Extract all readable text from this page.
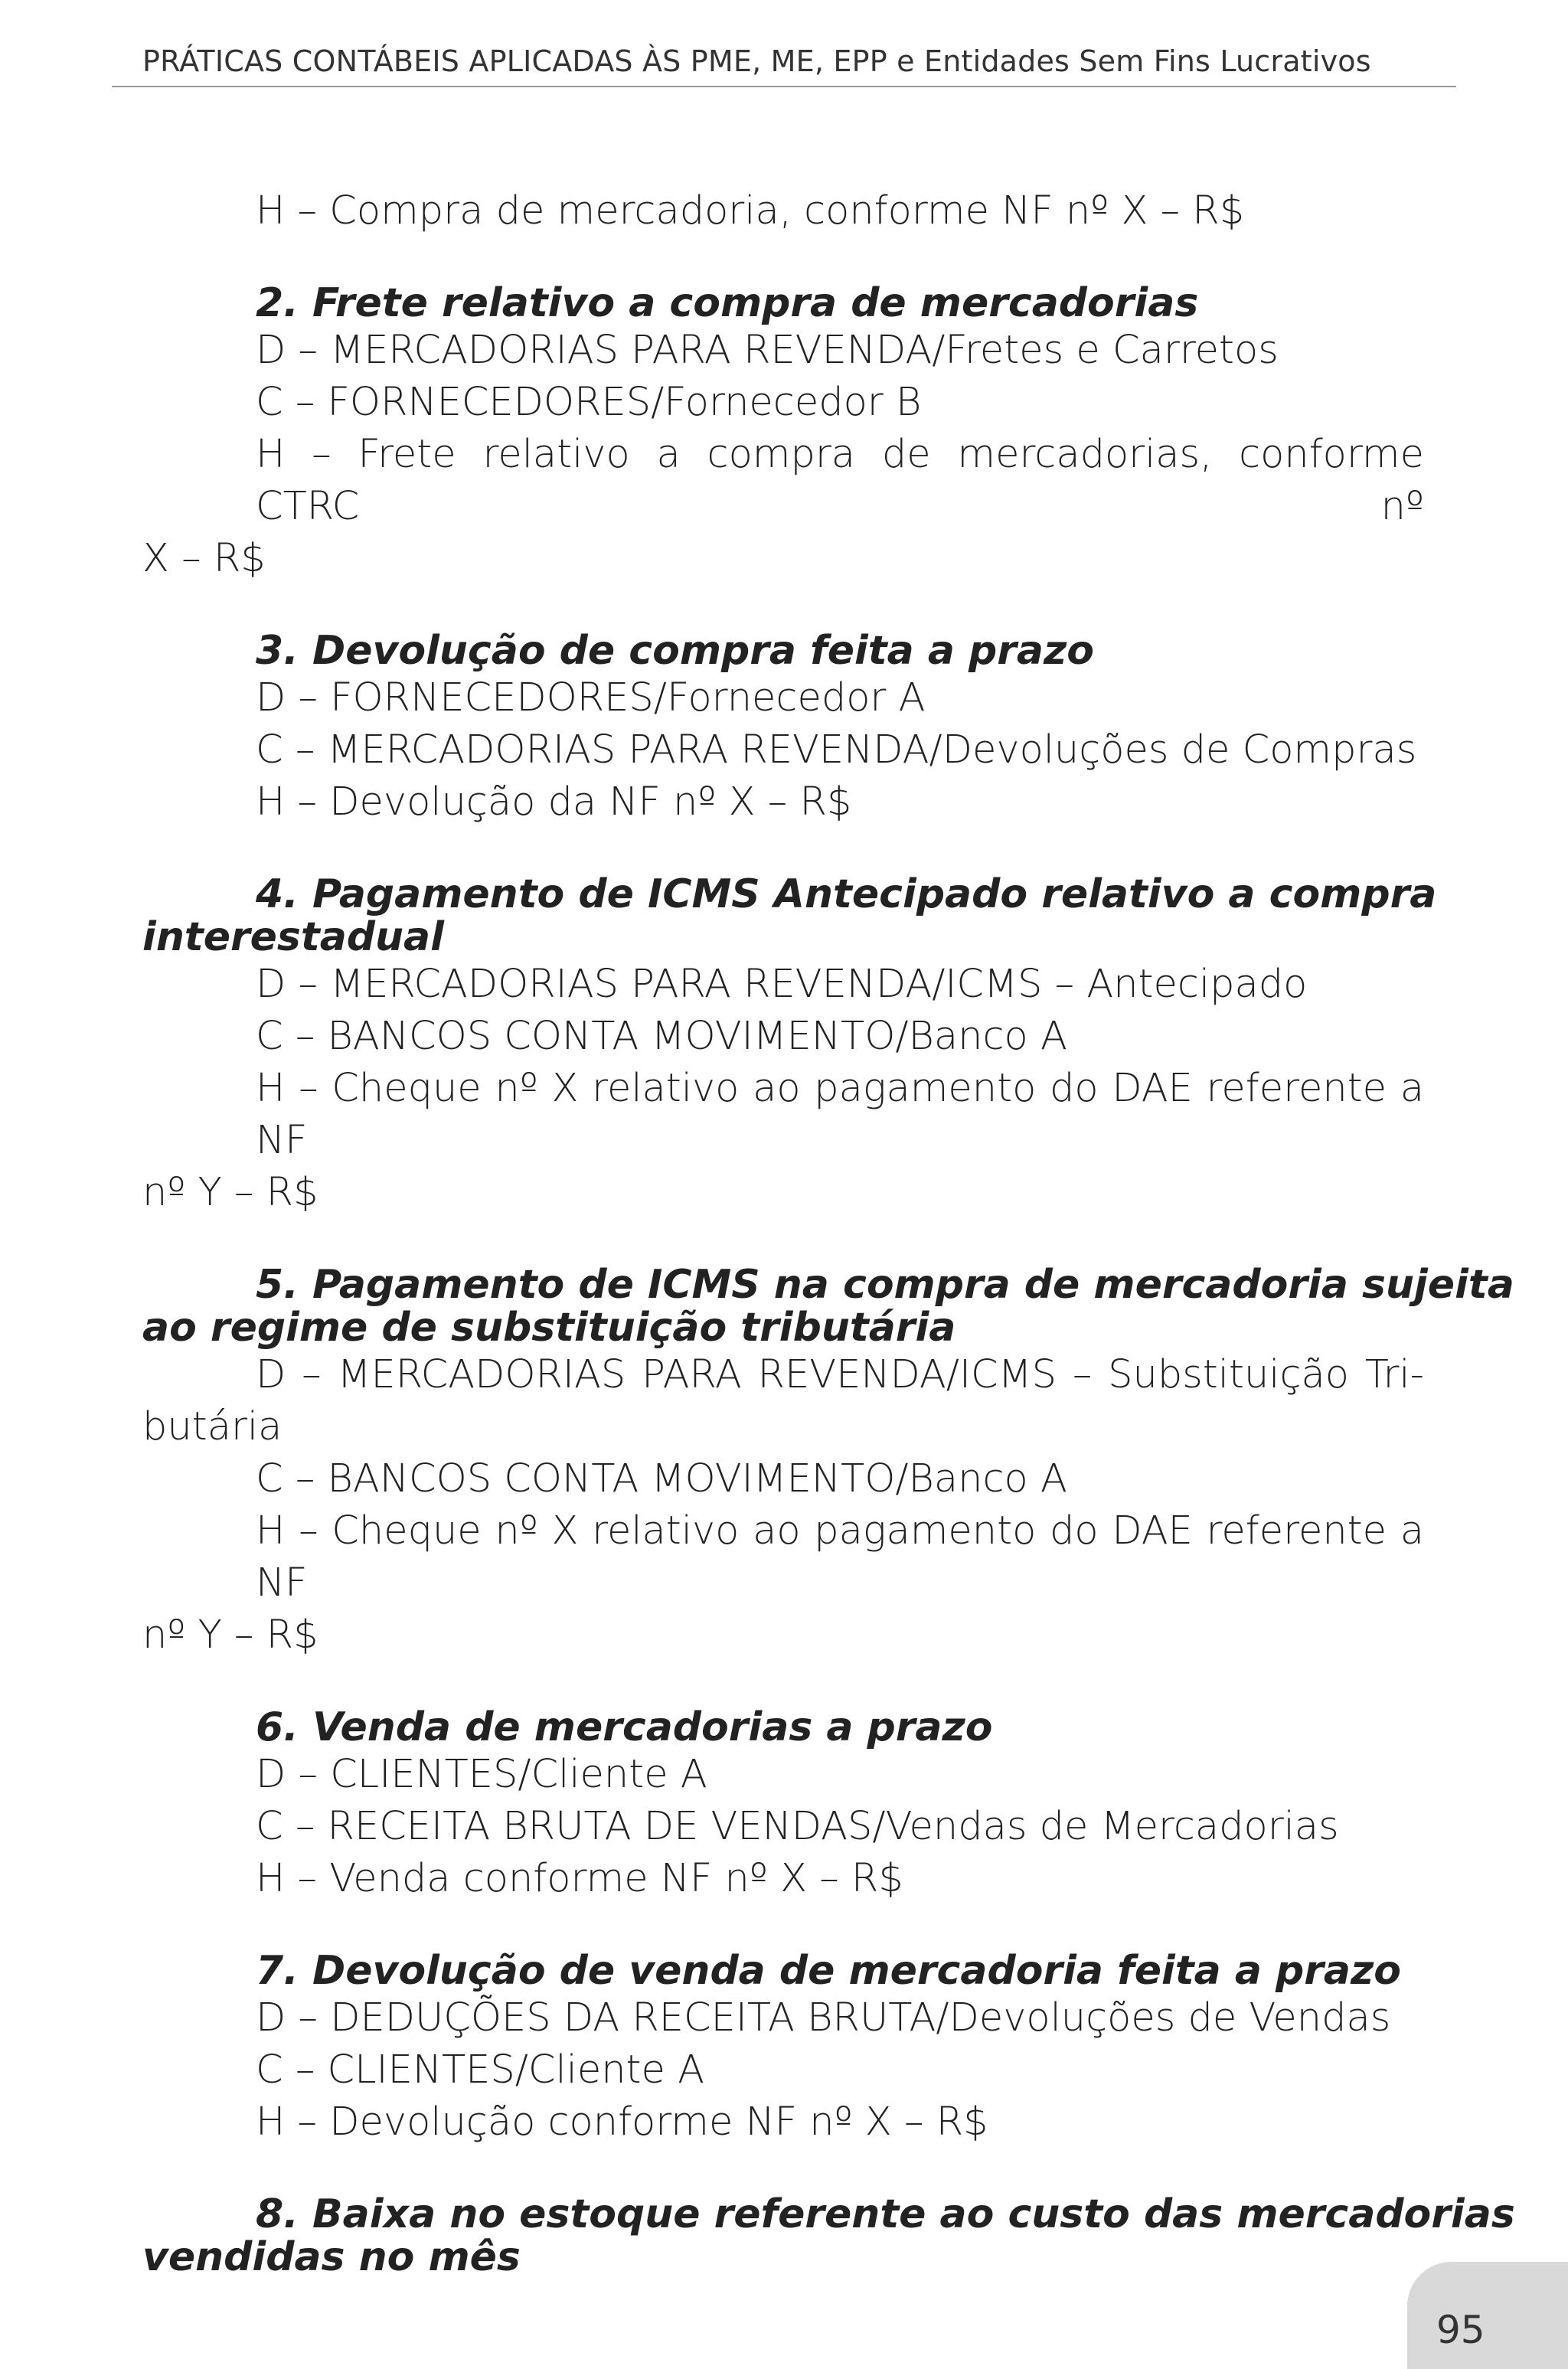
PRÁTICAS CONTÁBEIS APLICADAS ÀS PME, ME, EPP e Entidades Sem Fins Lucrativos

H – Compra de mercadoria, conforme NF nº X – R$

2. Frete relativo a compra de mercadorias

D – MERCADORIAS PARA REVENDA/Fretes e Carretos

C – FORNECEDORES/Fornecedor B

H – Frete relativo a compra de mercadorias, conforme CTRC nº

X – R$

3. Devolução de compra feita a prazo

D – FORNECEDORES/Fornecedor A

C – MERCADORIAS PARA REVENDA/Devoluções de Compras

H – Devolução da NF nº X – R$

4. Pagamento de ICMS Antecipado relativo a compra

interestadual

D – MERCADORIAS PARA REVENDA/ICMS – Antecipado

C – BANCOS CONTA MOVIMENTO/Banco A

H – Cheque nº X relativo ao pagamento do DAE referente a NF

nº Y – R$

5. Pagamento de ICMS na compra de mercadoria sujeita

ao regime de substituição tributária

D – MERCADORIAS PARA REVENDA/ICMS – Substituição Tri-

butária

C – BANCOS CONTA MOVIMENTO/Banco A

H – Cheque nº X relativo ao pagamento do DAE referente a NF

nº Y – R$

6. Venda de mercadorias a prazo

D – CLIENTES/Cliente A

C – RECEITA BRUTA DE VENDAS/Vendas de Mercadorias

H – Venda conforme NF nº X – R$

7. Devolução de venda de mercadoria feita a prazo

D – DEDUÇÕES DA RECEITA BRUTA/Devoluções de Vendas

C – CLIENTES/Cliente A

H – Devolução conforme NF nº X – R$

8. Baixa no estoque referente ao custo das mercadorias

vendidas no mês

95
